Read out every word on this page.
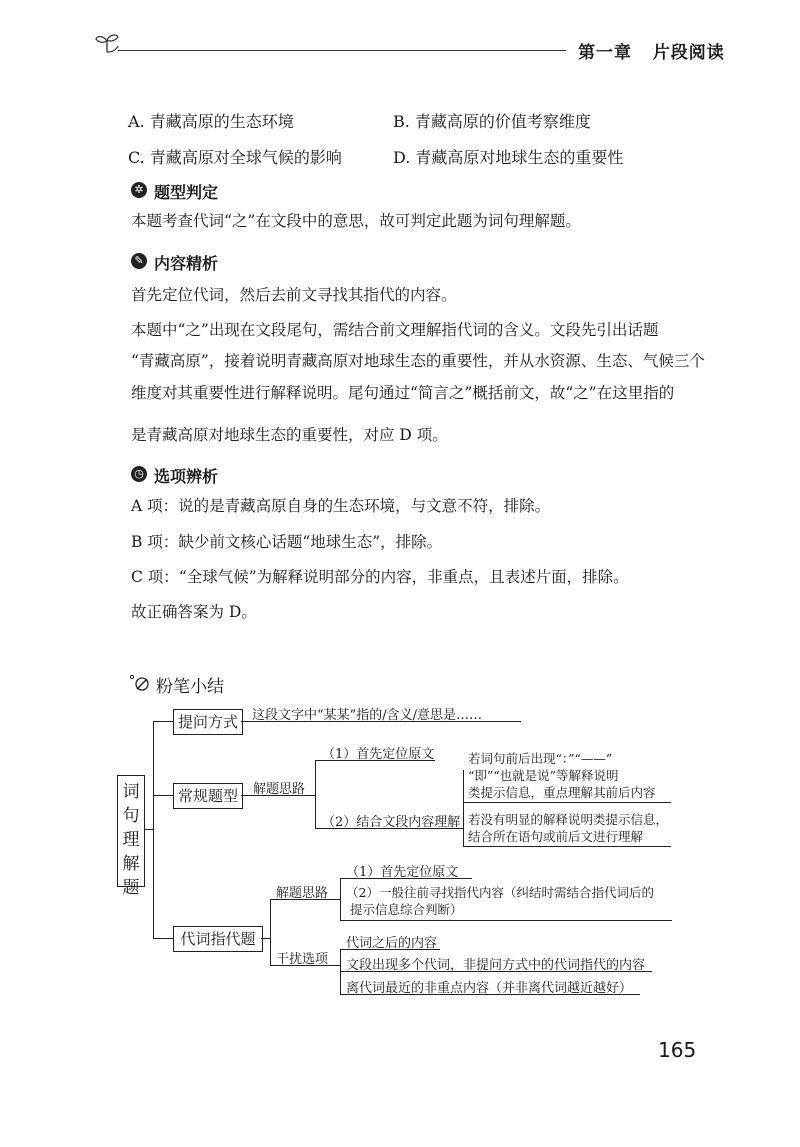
第一章 片段阅读
A. 青藏高原的生态环境	B. 青藏高原的价值考察维度
C. 青藏高原对全球气候的影响	D. 青藏高原对地球生态的重要性
✲ 题型判定
本题考查代词“之”在文段中的意思，故可判定此题为词句理解题。
✎ 内容精析
首先定位代词，然后去前文寻找其指代的内容。
本题中“之”出现在文段尾句，需结合前文理解指代词的含义。文段先引出话题
“青藏高原”，接着说明青藏高原对地球生态的重要性，并从水资源、生态、气候三个
维度对其重要性进行解释说明。尾句通过“简言之”概括前文，故“之”在这里指的
是青藏高原对地球生态的重要性，对应 D 项。
◷ 选项辨析
A 项：说的是青藏高原自身的生态环境，与文意不符，排除。
B 项：缺少前文核心话题“地球生态”，排除。
C 项：“全球气候”为解释说明部分的内容，非重点，且表述片面，排除。
故正确答案为 D。
粉笔小结
词句理解题
提问方式	这段文字中“某某”指的/含义/意思是……
常规题型	解题思路
（1）首先定位原文
（2）结合文段内容理解
若词句前后出现“：”“——”
“即”“也就是说”等解释说明
类提示信息，重点理解其前后内容
若没有明显的解释说明类提示信息，
结合所在语句或前后文进行理解
代词指代题
解题思路
干扰选项
（1）首先定位原文
（2）一般往前寻找指代内容（纠结时需结合指代词后的
提示信息综合判断）
代词之后的内容
文段出现多个代词，非提问方式中的代词指代的内容
离代词最近的非重点内容（并非离代词越近越好）
165
